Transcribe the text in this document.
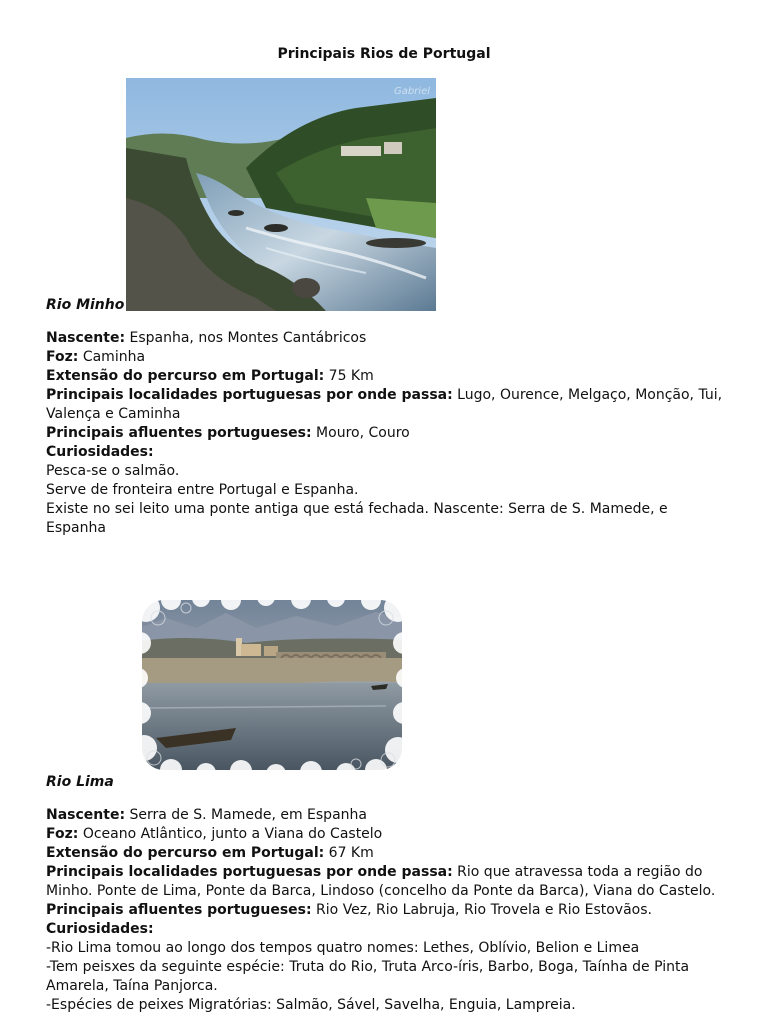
Principais Rios de Portugal
Gabriel
Rio Minho

Nascente: Espanha, nos Montes Cantábricos

Foz: Caminha

Extensão do percurso em Portugal: 75 Km

Principais localidades portuguesas por onde passa: Lugo, Ourence, Melgaço, Monção, Tui, Valença e Caminha

Principais afluentes portugueses: Mouro, Couro

Curiosidades:

Pesca-se o salmão.

Serve de fronteira entre Portugal e Espanha.

Existe no sei leito uma ponte antiga que está fechada. Nascente: Serra de S. Mamede, e Espanha

Rio Lima

Nascente: Serra de S. Mamede, em Espanha

Foz: Oceano Atlântico, junto a Viana do Castelo

Extensão do percurso em Portugal: 67 Km

Principais localidades portuguesas por onde passa: Rio que atravessa toda a região do Minho. Ponte de Lima, Ponte da Barca, Lindoso (concelho da Ponte da Barca), Viana do Castelo.

Principais afluentes portugueses: Rio Vez, Rio Labruja, Rio Trovela e Rio Estovãos.

Curiosidades:

-Rio Lima tomou ao longo dos tempos quatro nomes: Lethes, Oblívio, Belion e Limea

-Tem peisxes da seguinte espécie: Truta do Rio, Truta Arco-íris, Barbo, Boga, Taínha de Pinta Amarela, Taína Panjorca.

-Espécies de peixes Migratórias: Salmão, Sável, Savelha, Enguia, Lampreia.
